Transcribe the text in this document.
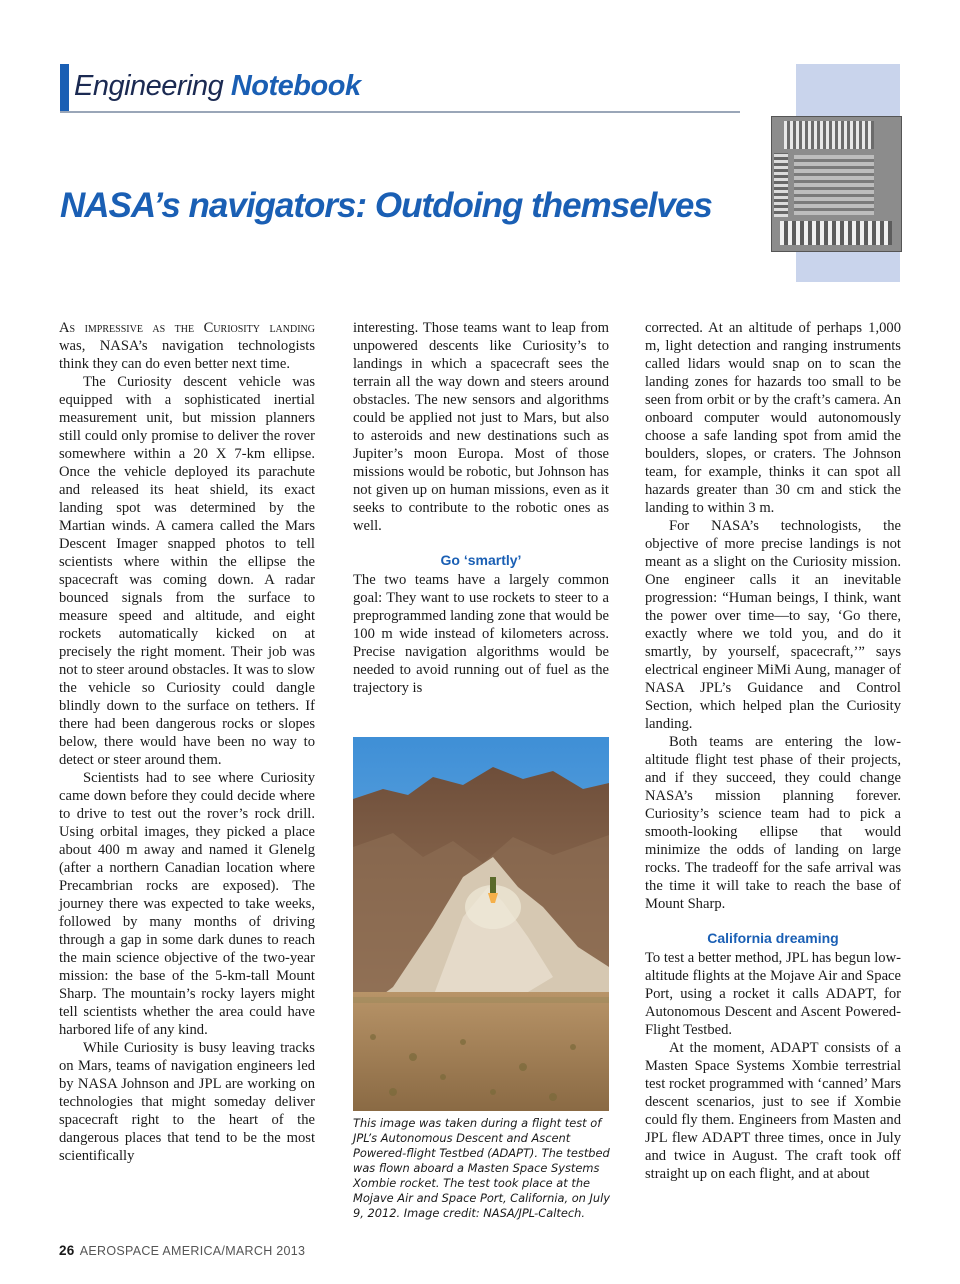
Engineering Notebook
NASA’s navigators: Outdoing themselves

As impressive as the Curiosity landing was, NASA’s navigation technologists think they can do even better next time.

The Curiosity descent vehicle was equipped with a sophisticated inertial measurement unit, but mission planners still could only promise to deliver the rover somewhere within a 20 X 7-km ellipse. Once the vehicle deployed its parachute and released its heat shield, its exact landing spot was determined by the Martian winds. A camera called the Mars Descent Imager snapped photos to tell scientists where within the ellipse the spacecraft was coming down. A radar bounced signals from the surface to measure speed and altitude, and eight rockets automatically kicked on at precisely the right moment. Their job was not to steer around obstacles. It was to slow the vehicle so Curiosity could dangle blindly down to the surface on tethers. If there had been dangerous rocks or slopes below, there would have been no way to detect or steer around them.

Scientists had to see where Curiosity came down before they could decide where to drive to test out the rover’s rock drill. Using orbital images, they picked a place about 400 m away and named it Glenelg (after a northern Canadian location where Precambrian rocks are exposed). The journey there was expected to take weeks, followed by many months of driving through a gap in some dark dunes to reach the main science objective of the two-year mission: the base of the 5-km-tall Mount Sharp. The mountain’s rocky layers might tell scientists whether the area could have harbored life of any kind.

While Curiosity is busy leaving tracks on Mars, teams of navigation engineers led by NASA Johnson and JPL are working on technologies that might someday deliver spacecraft right to the heart of the dangerous places that tend to be the most scientifically

interesting. Those teams want to leap from unpowered descents like Curiosity’s to landings in which a spacecraft sees the terrain all the way down and steers around obstacles. The new sensors and algorithms could be applied not just to Mars, but also to asteroids and new destinations such as Jupiter’s moon Europa. Most of those missions would be robotic, but Johnson has not given up on human missions, even as it seeks to contribute to the robotic ones as well.

Go ‘smartly’

The two teams have a largely common goal: They want to use rockets to steer to a preprogrammed landing zone that would be 100 m wide instead of kilometers across. Precise navigation algorithms would be needed to avoid running out of fuel as the trajectory is

This image was taken during a flight test of JPL’s Autonomous Descent and Ascent Powered-flight Testbed (ADAPT). The testbed was flown aboard a Masten Space Systems Xombie rocket. The test took place at the Mojave Air and Space Port, California, on July 9, 2012. Image credit: NASA/JPL-Caltech.

corrected. At an altitude of perhaps 1,000 m, light detection and ranging instruments called lidars would snap on to scan the landing zones for hazards too small to be seen from orbit or by the craft’s camera. An onboard computer would autonomously choose a safe landing spot from amid the boulders, slopes, or craters. The Johnson team, for example, thinks it can spot all hazards greater than 30 cm and stick the landing to within 3 m.

For NASA’s technologists, the objective of more precise landings is not meant as a slight on the Curiosity mission. One engineer calls it an inevitable progression: “Human beings, I think, want the power over time—to say, ‘Go there, exactly where we told you, and do it smartly, by yourself, spacecraft,’” says electrical engineer MiMi Aung, manager of NASA JPL’s Guidance and Control Section, which helped plan the Curiosity landing.

Both teams are entering the low-altitude flight test phase of their projects, and if they succeed, they could change NASA’s mission planning forever. Curiosity’s science team had to pick a smooth-looking ellipse that would minimize the odds of landing on large rocks. The tradeoff for the safe arrival was the time it will take to reach the base of Mount Sharp.

California dreaming

To test a better method, JPL has begun low-altitude flights at the Mojave Air and Space Port, using a rocket it calls ADAPT, for Autonomous Descent and Ascent Powered-Flight Testbed.

At the moment, ADAPT consists of a Masten Space Systems Xombie terrestrial test rocket programmed with ‘canned’ Mars descent scenarios, just to see if Xombie could fly them. Engineers from Masten and JPL flew ADAPT three times, once in July and twice in August. The craft took off straight up on each flight, and at about

26 AEROSPACE AMERICA/MARCH 2013
